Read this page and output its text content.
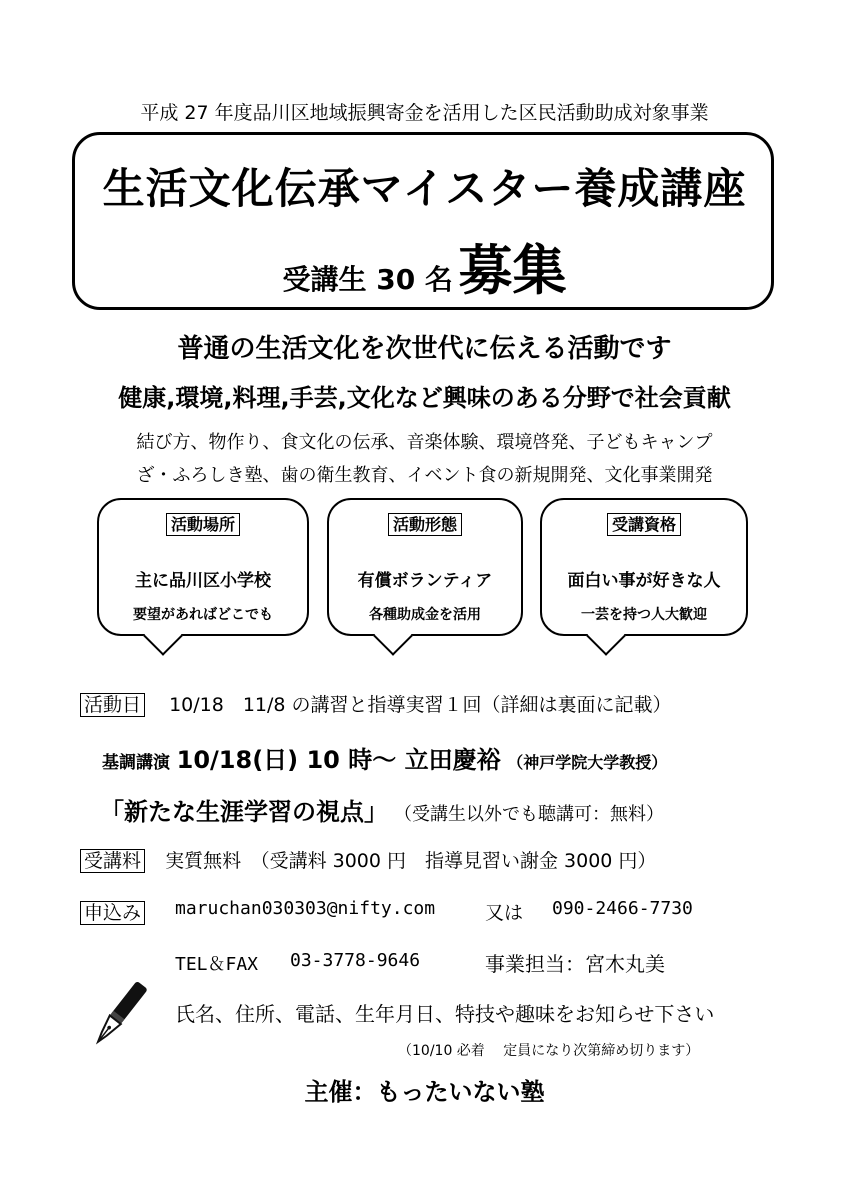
平成 27 年度品川区地域振興寄金を活用した区民活動助成対象事業
生活文化伝承マイスター養成講座
受講生 30 名 募集
普通の生活文化を次世代に伝える活動です
健康,環境,料理,手芸,文化など興味のある分野で社会貢献
結び方、物作り、食文化の伝承、音楽体験、環境啓発、子どもキャンプ
ざ・ふろしき塾、歯の衛生教育、イベント食の新規開発、文化事業開発
活動場所
主に品川区小学校
要望があればどこでも
活動形態
有償ボランティア
各種助成金を活用
受講資格
面白い事が好きな人
一芸を持つ人大歓迎
活動日 10/18　11/8 の講習と指導実習１回（詳細は裏面に記載）
基調講演 10/18(日) 10 時～ 立田慶裕 （神戸学院大学教授）
「新たな生涯学習の視点」 （受講生以外でも聴講可：無料）
受講料 実質無料　（受講料 3000 円　指導見習い謝金 3000 円）
申込み maruchan030303@nifty.com	又は 090-2466-7730
TEL＆FAX 03-3778-9646	事業担当：宮木丸美
氏名、住所、電話、生年月日、特技や趣味をお知らせ下さい
（10/10 必着　 定員になり次第締め切ります）
主催：もったいない塾
